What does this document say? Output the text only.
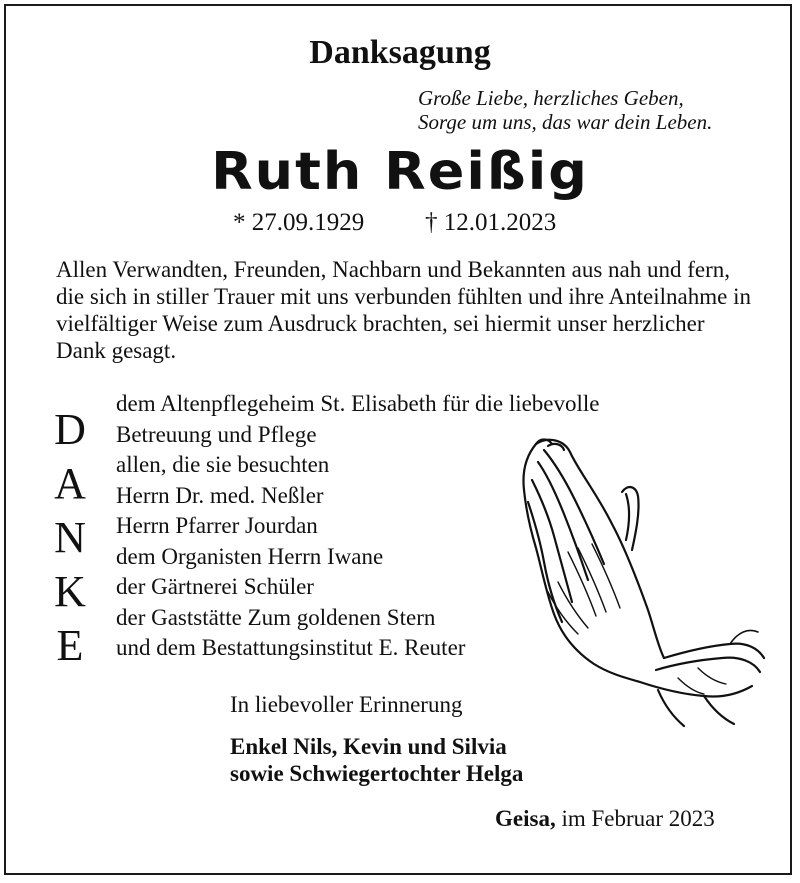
Danksagung
Große Liebe, herzliches Geben,
Sorge um uns, das war dein Leben.
Ruth Reißig
* 27.09.1929 † 12.01.2023
Allen Verwandten, Freunden, Nachbarn und Bekannten aus nah und fern, die sich in stiller Trauer mit uns verbunden fühlten und ihre Anteilnahme in vielfältiger Weise zum Ausdruck brachten, sei hiermit unser herzlicher Dank gesagt.
D
A
N
K
E
dem Altenpflegeheim St. Elisabeth für die liebevolle
Betreuung und Pflege
allen, die sie besuchten
Herrn Dr. med. Neßler
Herrn Pfarrer Jourdan
dem Organisten Herrn Iwane
der Gärtnerei Schüler
der Gaststätte Zum goldenen Stern
und dem Bestattungsinstitut E. Reuter
In liebevoller Erinnerung
Enkel Nils, Kevin und Silvia
sowie Schwiegertochter Helga
Geisa, im Februar 2023
